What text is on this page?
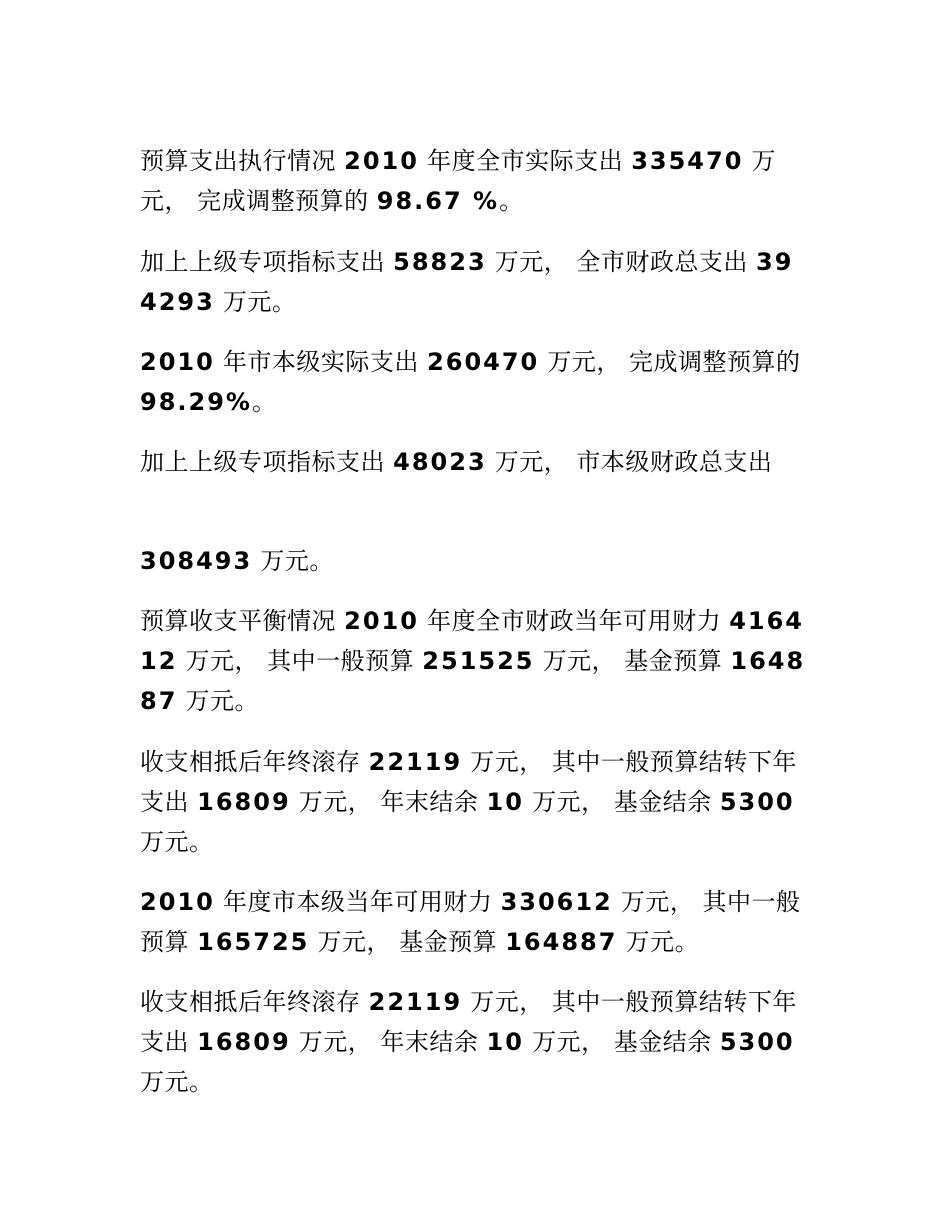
预算支出执行情况 2010 年度全市实际支出 335470 万元， 完成调整预算的 98.67 %。

加上上级专项指标支出 58823 万元， 全市财政总支出 394293 万元。

2010 年市本级实际支出 260470 万元， 完成调整预算的 98.29%。

加上上级专项指标支出 48023 万元， 市本级财政总支出

308493 万元。

预算收支平衡情况 2010 年度全市财政当年可用财力 416412 万元， 其中一般预算 251525 万元， 基金预算 164887 万元。

收支相抵后年终滚存 22119 万元， 其中一般预算结转下年支出 16809 万元， 年末结余 10 万元， 基金结余 5300 万元。

2010 年度市本级当年可用财力 330612 万元， 其中一般预算 165725 万元， 基金预算 164887 万元。

收支相抵后年终滚存 22119 万元， 其中一般预算结转下年支出 16809 万元， 年末结余 10 万元， 基金结余 5300 万元。
